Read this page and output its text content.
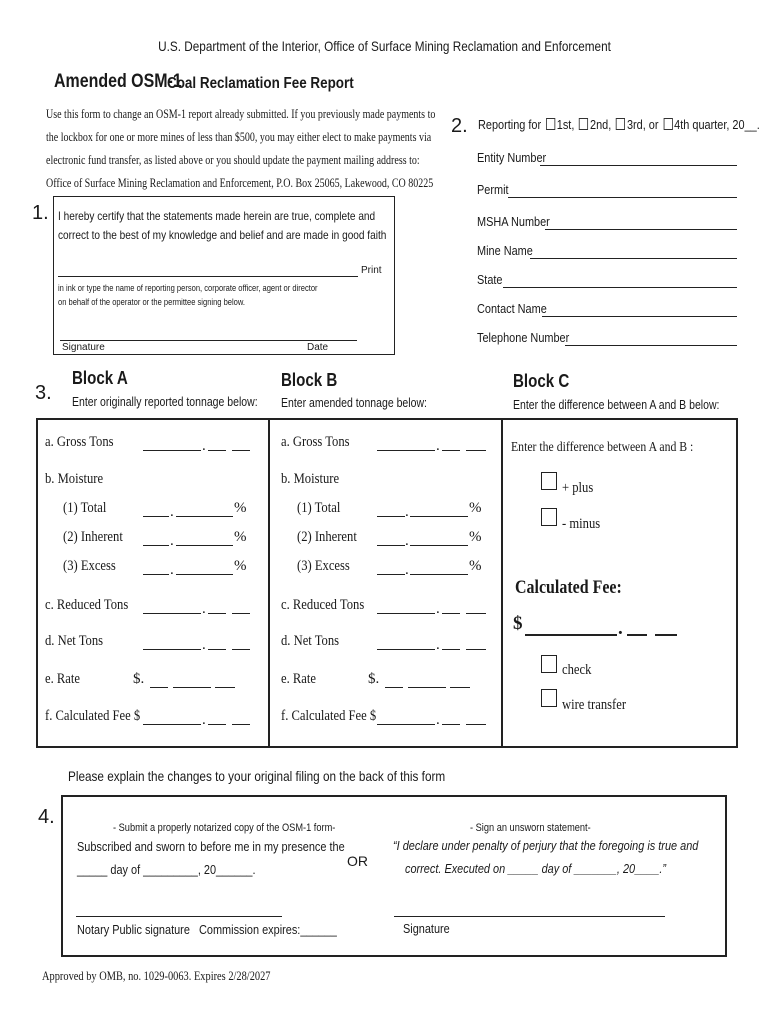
U.S. Department of the Interior, Office of Surface Mining Reclamation and Enforcement
Amended OSM-1
Coal Reclamation Fee Report
Use this form to change an OSM-1 report already submitted. If you previously made payments to
the lockbox for one or more mines of less than $500, you may either elect to make payments via
electronic fund transfer, as listed above or you should update the payment mailing address to:
Office of Surface Mining Reclamation and Enforcement, P.O. Box 25065, Lakewood, CO 80225
1. I hereby certify that the statements made herein are true, complete and
correct to the best of my knowledge and belief and are made in good faith
Print
in ink or type the name of reporting person, corporate officer, agent or director
on behalf of the operator or the permittee signing below.
Signature	Date
2. Reporting for 1st, 2nd, 3rd, or 4th quarter, 20__.
Entity Number
Permit
MSHA Number
Mine Name
State
Contact Name
Telephone Number
3.
Block A
Enter originally reported tonnage below:
Block B
Enter amended tonnage below:
Block C
Enter the difference between A and B below:
a. Gross Tons	.
b. Moisture
(1) Total	.	%
(2) Inherent	.	%
(3) Excess	.	%
c. Reduced Tons	.
d. Net Tons	.
e. Rate	$.
f. Calculated Fee $	.
a. Gross Tons	.
b. Moisture
(1) Total	.	%
(2) Inherent	.	%
(3) Excess	.	%
c. Reduced Tons	.
d. Net Tons	.
e. Rate	$.
f. Calculated Fee $	.
Enter the difference between A and B :
+ plus
- minus
Calculated Fee:
$	.
check
wire transfer
Please explain the changes to your original filing on the back of this form
4.	- Submit a properly notarized copy of the OSM-1 form-
Subscribed and sworn to before me in my presence the
_____ day of _________, 20______.
OR
- Sign an unsworn statement-
“I declare under penalty of perjury that the foregoing is true and
correct. Executed on _____ day of _______, 20____.”
Notary Public signature Commission expires:______	Signature
Approved by OMB, no. 1029-0063. Expires 2/28/2027
